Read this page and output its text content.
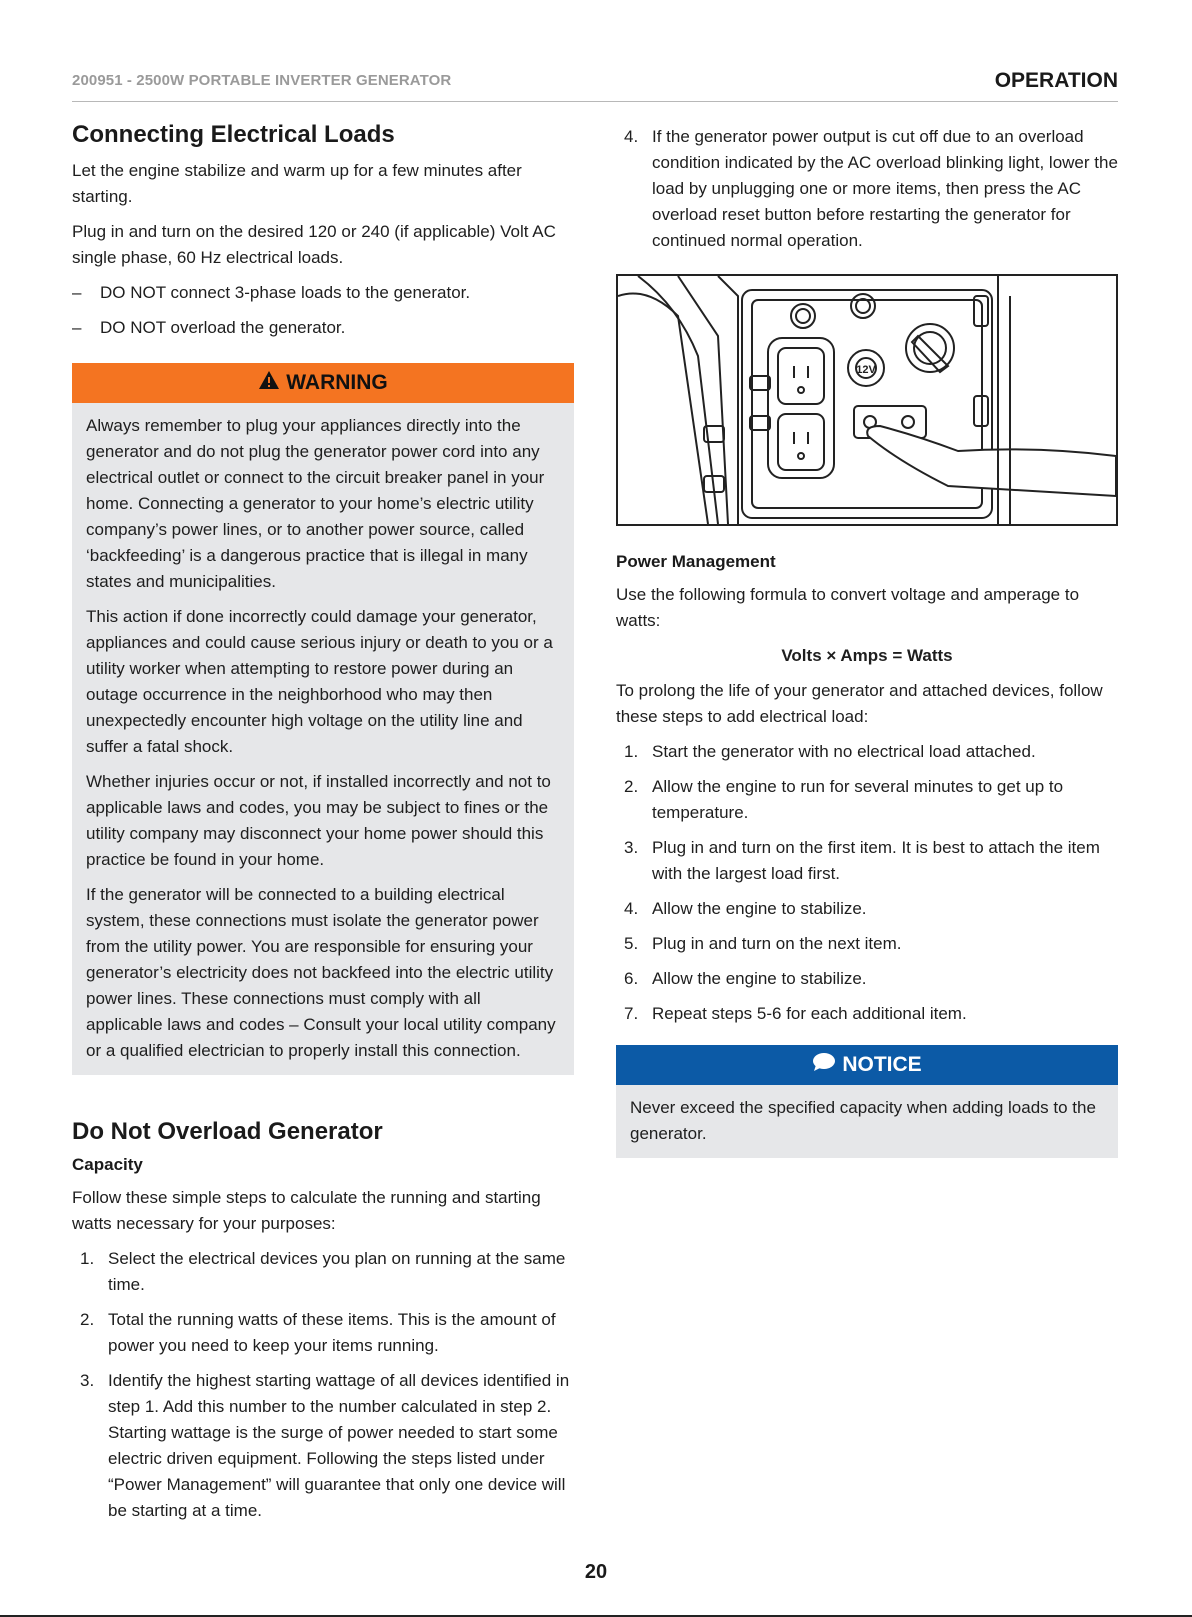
200951 - 2500W PORTABLE INVERTER GENERATOR	OPERATION
Connecting Electrical Loads

Let the engine stabilize and warm up for a few minutes after starting.

Plug in and turn on the desired 120 or 240 (if applicable) Volt AC single phase, 60 Hz electrical loads.

– DO NOT connect 3-phase loads to the generator.
– DO NOT overload the generator.
WARNING

Always remember to plug your appliances directly into the generator and do not plug the generator power cord into any electrical outlet or connect to the circuit breaker panel in your home. Connecting a generator to your home’s electric utility company’s power lines, or to another power source, called ‘backfeeding’ is a dangerous practice that is illegal in many states and municipalities.

This action if done incorrectly could damage your generator, appliances and could cause serious injury or death to you or a utility worker when attempting to restore power during an outage occurrence in the neighborhood who may then unexpectedly encounter high voltage on the utility line and suffer a fatal shock.

Whether injuries occur or not, if installed incorrectly and not to applicable laws and codes, you may be subject to fines or the utility company may disconnect your home power should this practice be found in your home.

If the generator will be connected to a building electrical system, these connections must isolate the generator power from the utility power. You are responsible for ensuring your generator’s electricity does not backfeed into the electric utility power lines. These connections must comply with all applicable laws and codes – Consult your local utility company or a qualified electrician to properly install this connection.

Do Not Overload Generator
Capacity

Follow these simple steps to calculate the running and starting watts necessary for your purposes:

1. Select the electrical devices you plan on running at the same time.
2. Total the running watts of these items. This is the amount of power you need to keep your items running.
3. Identify the highest starting wattage of all devices identified in step 1. Add this number to the number calculated in step 2. Starting wattage is the surge of power needed to start some electric driven equipment. Following the steps listed under “Power Management” will guarantee that only one device will be starting at a time.
4. If the generator power output is cut off due to an overload condition indicated by the AC overload blinking light, lower the load by unplugging one or more items, then press the AC overload reset button before restarting the generator for continued normal operation.
12V
Power Management

Use the following formula to convert voltage and amperage to watts:

Volts × Amps = Watts

To prolong the life of your generator and attached devices, follow these steps to add electrical load:

1. Start the generator with no electrical load attached.
2. Allow the engine to run for several minutes to get up to temperature.
3. Plug in and turn on the first item. It is best to attach the item with the largest load first.
4. Allow the engine to stabilize.
5. Plug in and turn on the next item.
6. Allow the engine to stabilize.
7. Repeat steps 5-6 for each additional item.
NOTICE

Never exceed the specified capacity when adding loads to the generator.

20
